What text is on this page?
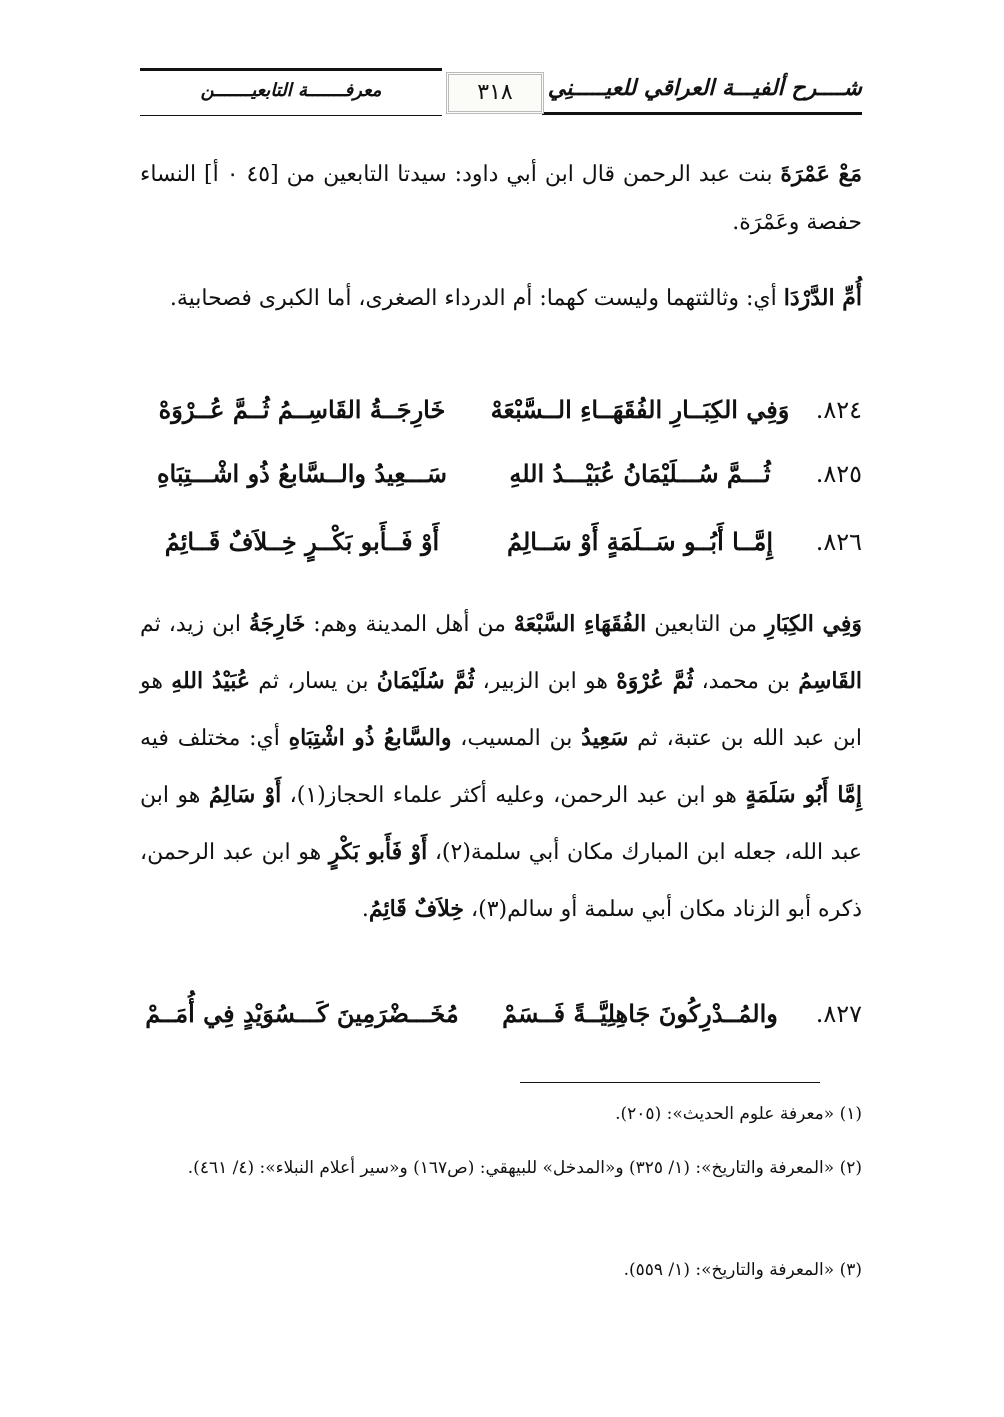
شــــرح ألفيـــة العراقي للعيـــــنِي
٣١٨
معرفـــــــة التابعيـــــــن
مَعْ عَمْرَةَ بنت عبد الرحمن قال ابن أبي داود: سيدتا التابعين من [٤٥ ٠ أ] النساء حفصة وعَمْرَة.
أُمِّ الدَّرْدَا أي: وثالثتهما وليست كهما: أم الدرداء الصغرى، أما الكبرى فصحابية.
٨٢٤.
وَفِي الكِبَــارِ الفُقَهَــاءِ الــسَّبْعَهْ
خَارِجَــةُ القَاسِــمُ ثُــمَّ عُــرْوَهْ
٨٢٥.
ثُـــمَّ سُـــلَيْمَانُ عُبَيْـــدُ اللهِ
سَـــعِيدُ والــسَّابعُ ذُو اشْـــتِبَاهِ
٨٢٦.
إِمَّــا أَبُــو سَــلَمَةٍ أَوْ سَــالِمُ
أَوْ فَــأَبو بَكْــرٍ خِــلاَفٌ قَــائِمُ
وَفِي الكِبَارِ من التابعين الفُقَهَاءِ السَّبْعَهْ من أهل المدينة وهم: خَارِجَةُ ابن زيد، ثم القَاسِمُ بن محمد، ثُمَّ عُرْوَهْ هو ابن الزبير، ثُمَّ سُلَيْمَانُ بن يسار، ثم عُبَيْدُ اللهِ هو ابن عبد الله بن عتبة، ثم سَعِيدُ بن المسيب، والسَّابعُ ذُو اشْتِبَاهِ أي: مختلف فيه إِمَّا أَبُو سَلَمَةٍ هو ابن عبد الرحمن، وعليه أكثر علماء الحجاز(١)، أَوْ سَالِمُ هو ابن عبد الله، جعله ابن المبارك مكان أبي سلمة(٢)، أَوْ فَأَبو بَكْرٍ هو ابن عبد الرحمن، ذكره أبو الزناد مكان أبي سلمة أو سالم(٣)، خِلاَفٌ قَائِمُ.
٨٢٧.
والمُــدْرِكُونَ جَاهِلِيَّــةً فَــسَمْ
مُخَـــضْرَمِينَ كَـــسُوَيْدٍ فِي أُمَــمْ
(١) «معرفة علوم الحديث»: (٢٠٥).
(٢) «المعرفة والتاريخ»: (١/ ٣٢٥) و«المدخل» للبيهقي: (ص١٦٧) و«سير أعلام النبلاء»: (٤/ ٤٦١).
(٣) «المعرفة والتاريخ»: (١/ ٥٥٩).
